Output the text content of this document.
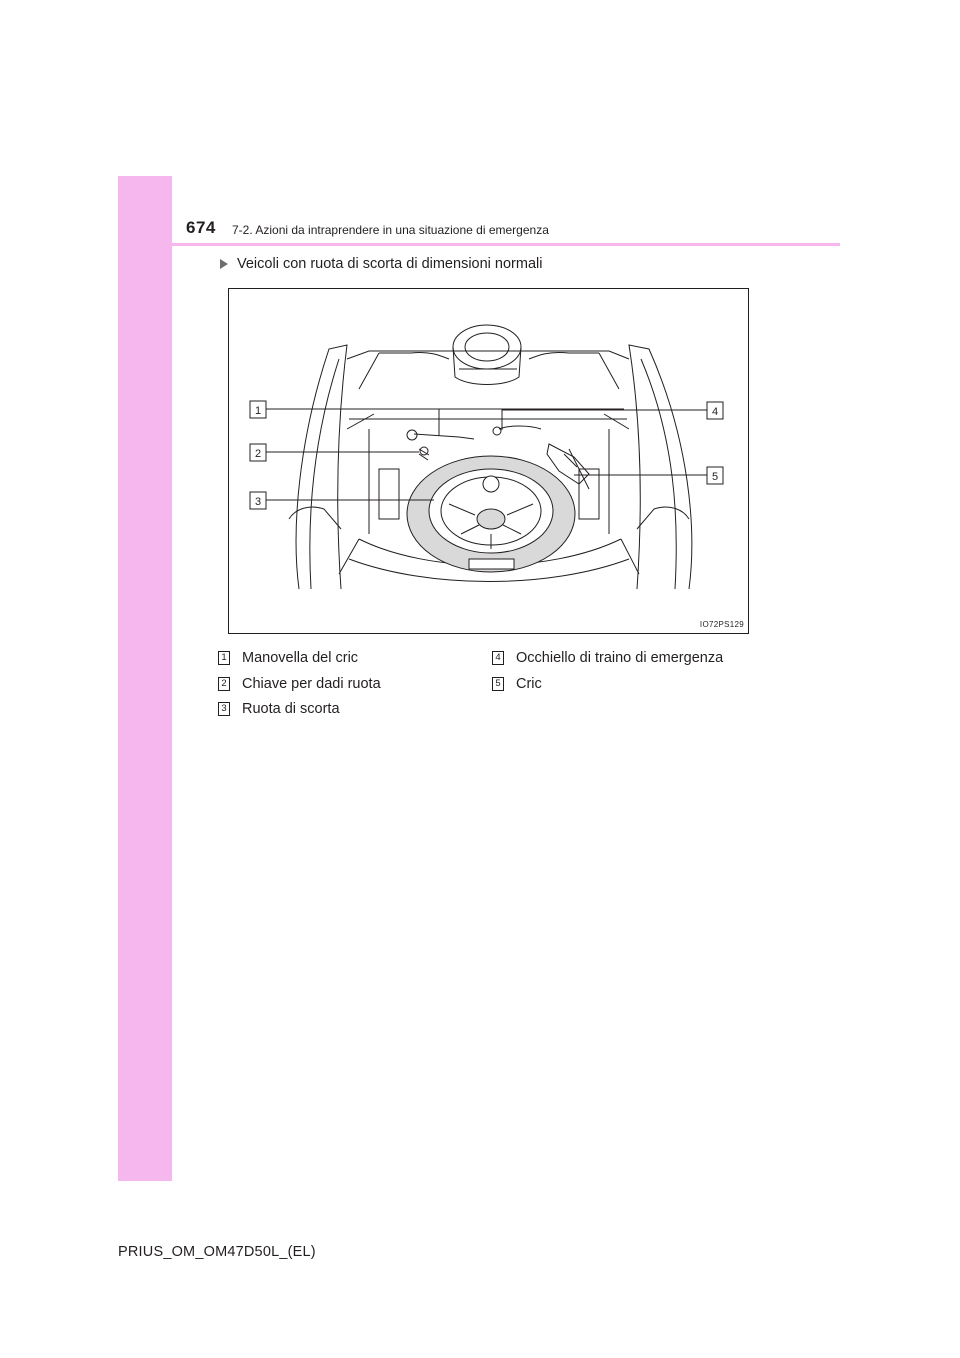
674 7-2. Azioni da intraprendere in una situazione di emergenza
Veicoli con ruota di scorta di dimensioni normali
1
2
3
4
5
IO72PS129
1 Manovella del cric
2 Chiave per dadi ruota
3 Ruota di scorta
4 Occhiello di traino di emergenza
5 Cric
PRIUS_OM_OM47D50L_(EL)
